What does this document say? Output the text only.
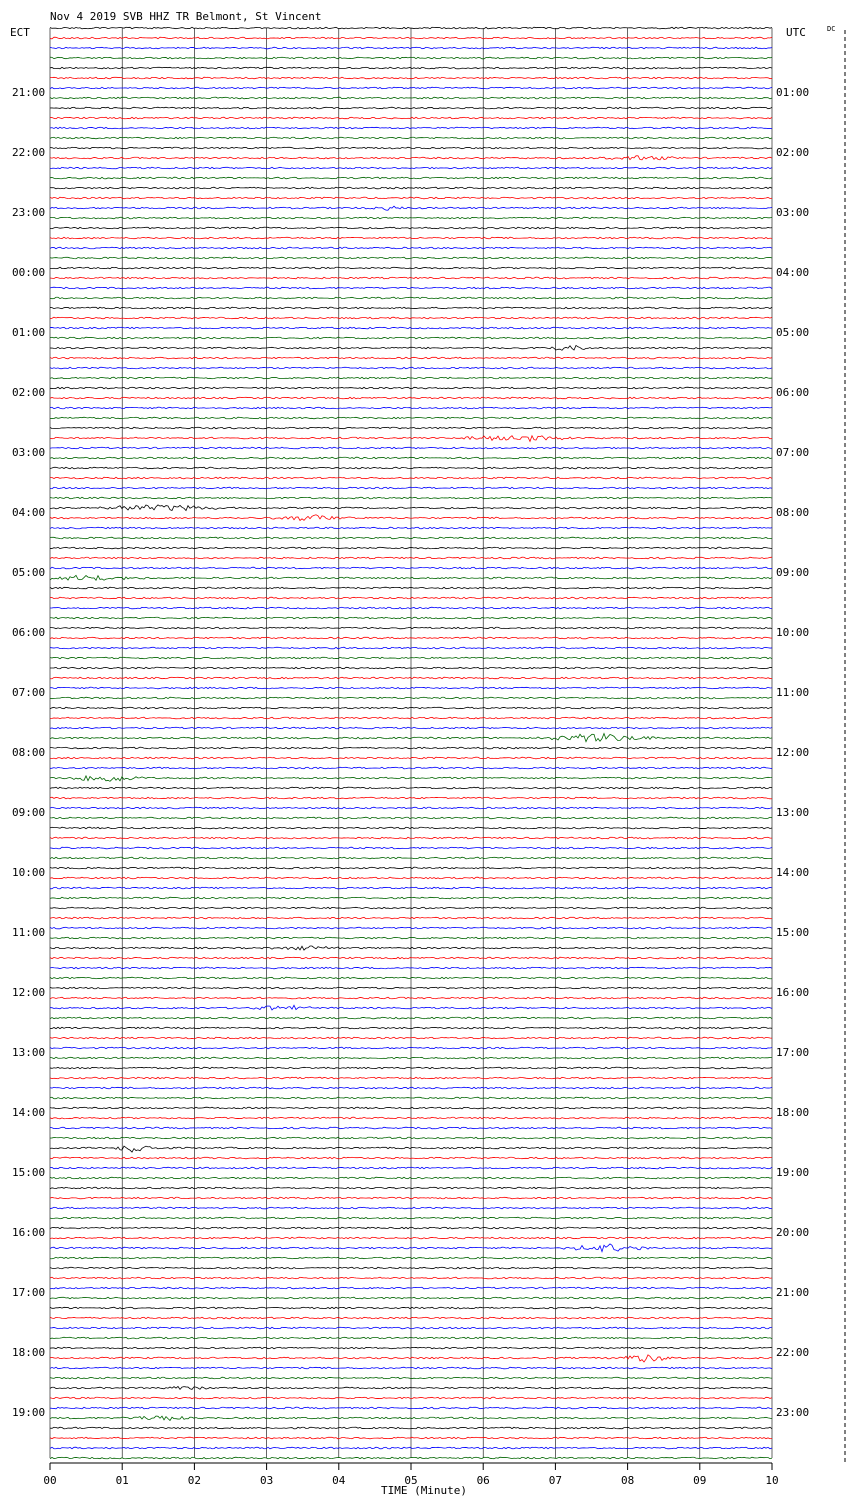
Nov 4 2019 SVB HHZ TR Belmont, St Vincent
ECT	UTC	DC
21:00
22:00
23:00
00:00
01:00
02:00
03:00
04:00
05:00
06:00
07:00
08:00
09:00
10:00
11:00
12:00
13:00
14:00
15:00
16:00
17:00
18:00
19:00
01:00
02:00
03:00
04:00
05:00
06:00
07:00
08:00
09:00
10:00
11:00
12:00
13:00
14:00
15:00
16:00
17:00
18:00
19:00
20:00
21:00
22:00
23:00
00	01	02	03	04	05	06	07	08	09	10
TIME (Minute)
